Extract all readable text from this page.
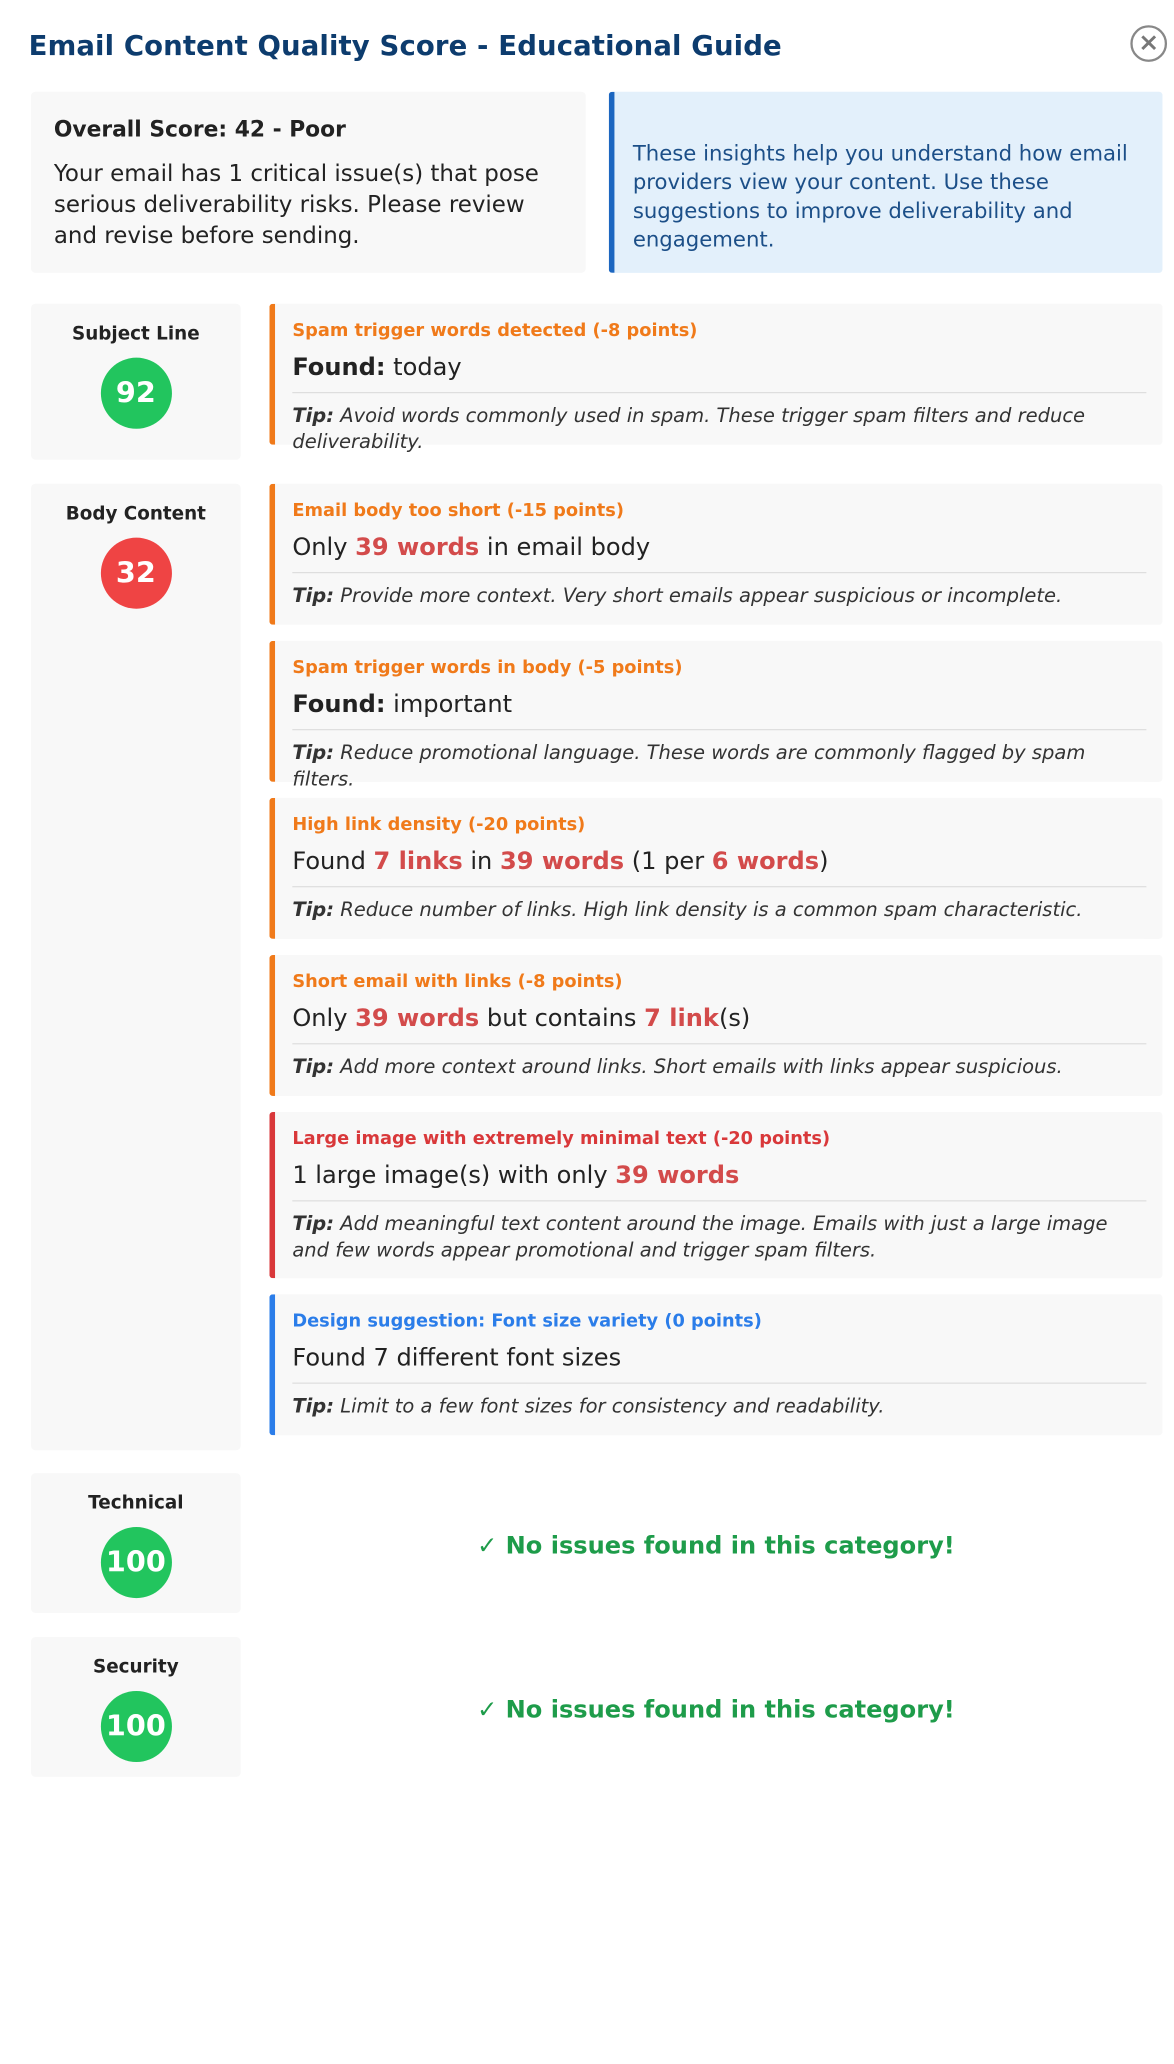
Email Content Quality Score - Educational Guide	×
Overall Score: 42 - Poor
Your email has 1 critical issue(s) that pose serious deliverability risks. Please review and revise before sending.
These insights help you understand how email providers view your content. Use these suggestions to improve deliverability and engagement.
Subject Line
92
Spam trigger words detected (-8 points)
Found: today
Tip: Avoid words commonly used in spam. These trigger spam filters and reduce deliverability.
Body Content
32
Email body too short (-15 points)
Only 39 words in email body
Tip: Provide more context. Very short emails appear suspicious or incomplete.
Spam trigger words in body (-5 points)
Found: important
Tip: Reduce promotional language. These words are commonly flagged by spam filters.
High link density (-20 points)
Found 7 links in 39 words (1 per 6 words)
Tip: Reduce number of links. High link density is a common spam characteristic.
Short email with links (-8 points)
Only 39 words but contains 7 link(s)
Tip: Add more context around links. Short emails with links appear suspicious.
Large image with extremely minimal text (-20 points)
1 large image(s) with only 39 words
Tip: Add meaningful text content around the image. Emails with just a large image and few words appear promotional and trigger spam filters.
Design suggestion: Font size variety (0 points)
Found 7 different font sizes
Tip: Limit to a few font sizes for consistency and readability.
Technical
100	✓ No issues found in this category!
Security
100	✓ No issues found in this category!
